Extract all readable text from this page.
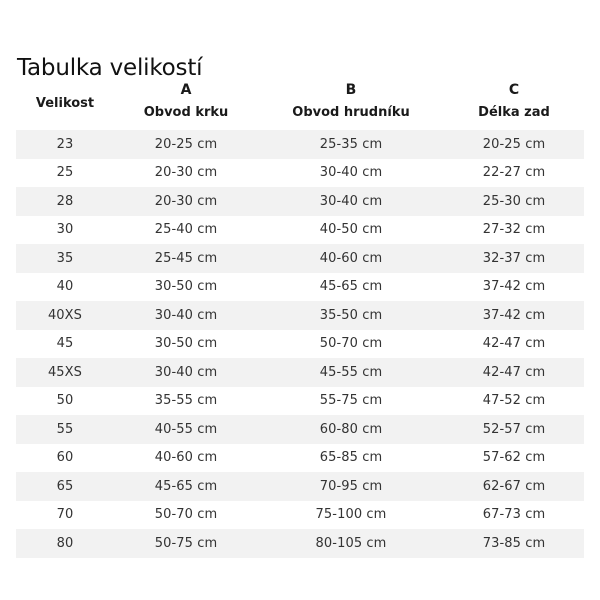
Tabulka velikostí
Velikost	A	B	C
	Obvod krku	Obvod hrudníku	Délka zad
23	20-25 cm	25-35 cm	20-25 cm
25	20-30 cm	30-40 cm	22-27 cm
28	20-30 cm	30-40 cm	25-30 cm
30	25-40 cm	40-50 cm	27-32 cm
35	25-45 cm	40-60 cm	32-37 cm
40	30-50 cm	45-65 cm	37-42 cm
40XS	30-40 cm	35-50 cm	37-42 cm
45	30-50 cm	50-70 cm	42-47 cm
45XS	30-40 cm	45-55 cm	42-47 cm
50	35-55 cm	55-75 cm	47-52 cm
55	40-55 cm	60-80 cm	52-57 cm
60	40-60 cm	65-85 cm	57-62 cm
65	45-65 cm	70-95 cm	62-67 cm
70	50-70 cm	75-100 cm	67-73 cm
80	50-75 cm	80-105 cm	73-85 cm
